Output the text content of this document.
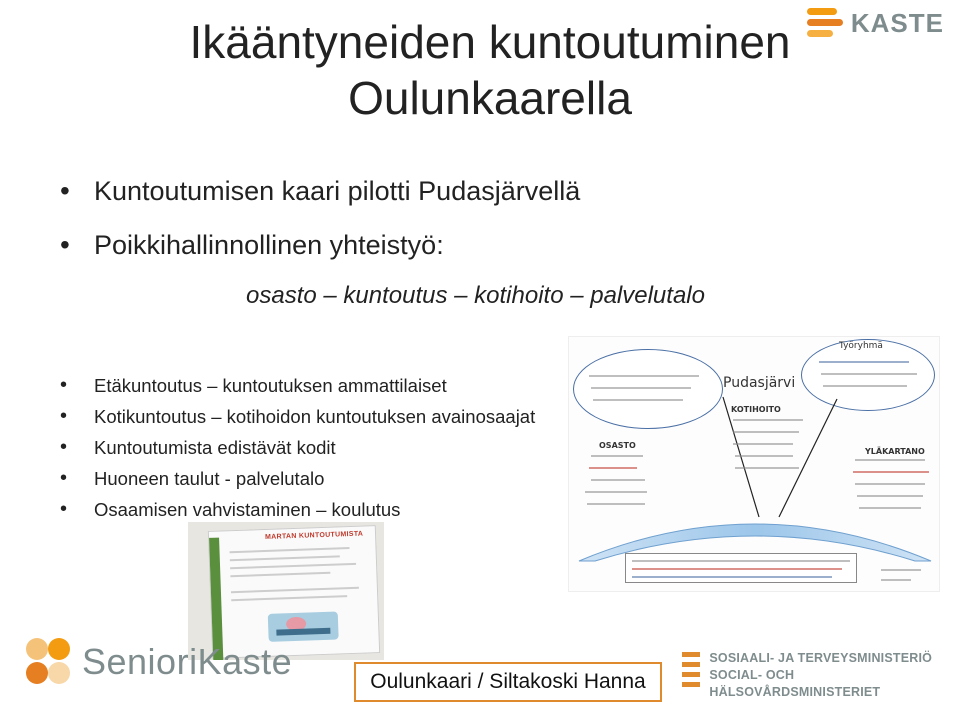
KASTE
Ikääntyneiden kuntoutuminen
Oulunkaarella
• Kuntoutumisen kaari pilotti Pudasjärvellä
• Poikkihallinnollinen yhteistyö:
osasto – kuntoutus – kotihoito – palvelutalo
• Etäkuntoutus – kuntoutuksen ammattilaiset
• Kotikuntoutus – kotihoidon kuntoutuksen avainosaajat
• Kuntoutumista edistävät kodit
• Huoneen taulut - palvelutalo
• Osaamisen vahvistaminen – koulutus
Työryhmä
Pudasjärvi
KOTIHOITO
OSASTO
YLÄKARTANO
MARTAN KUNTOUTUMISTA
SenioriKaste	Oulunkaari / Siltakoski Hanna
SOSIAALI- JA TERVEYSMINISTERIÖ
SOCIAL- OCH HÄLSOVÅRDSMINISTERIET
